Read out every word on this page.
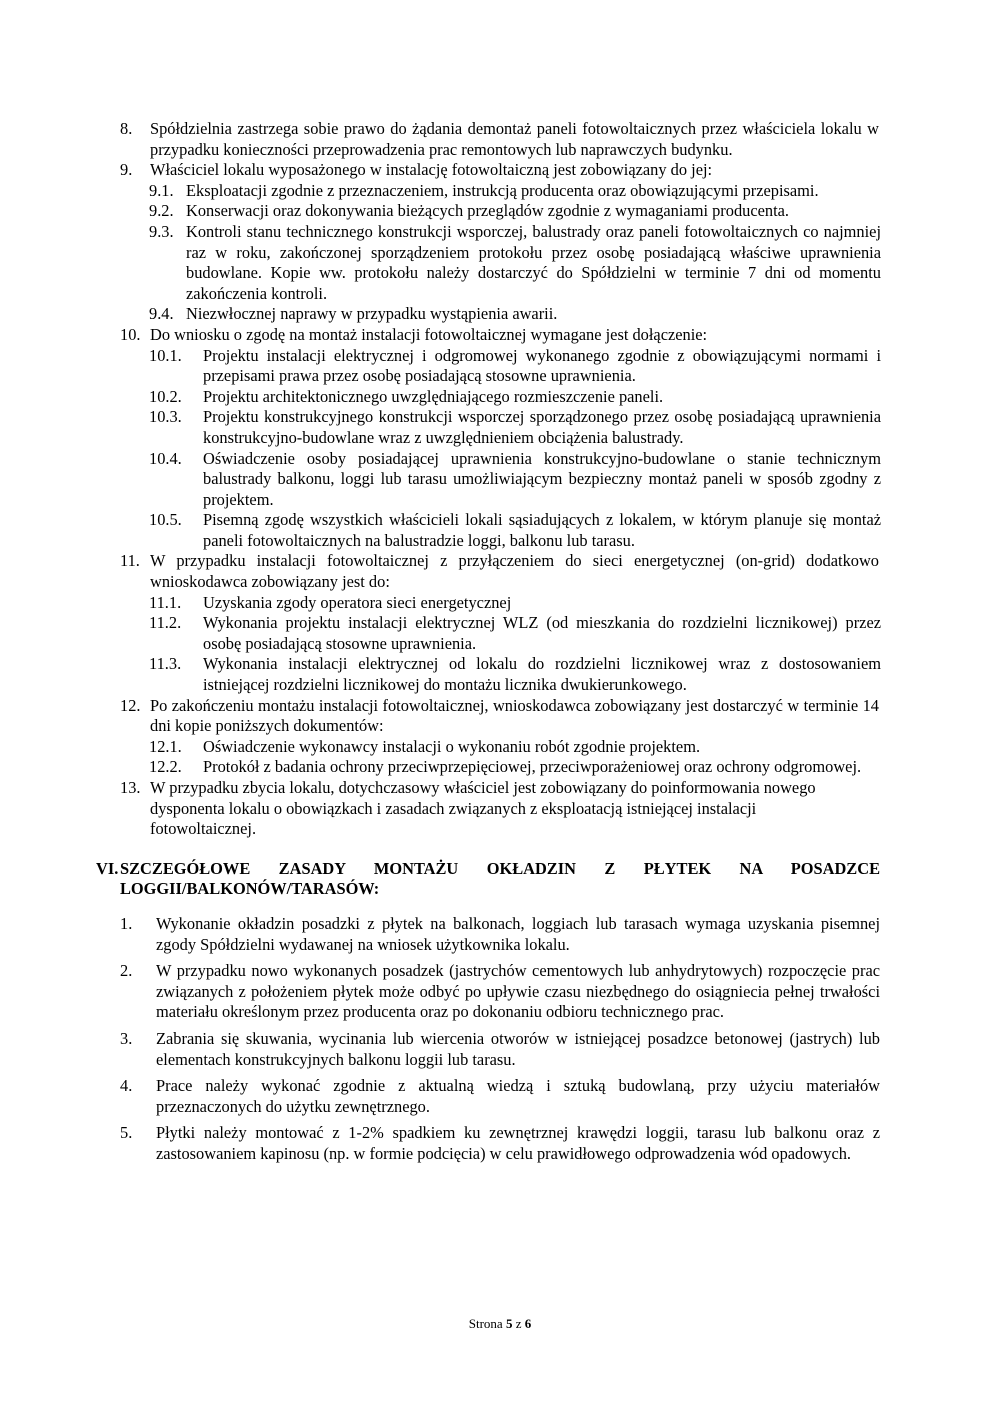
8. Spółdzielnia zastrzega sobie prawo do żądania demontaż paneli fotowoltaicznych przez właściciela lokalu w przypadku konieczności przeprowadzenia prac remontowych lub naprawczych budynku.
9. Właściciel lokalu wyposażonego w instalację fotowoltaiczną jest zobowiązany do jej:
9.1. Eksploatacji zgodnie z przeznaczeniem, instrukcją producenta oraz obowiązującymi przepisami.
9.2. Konserwacji oraz dokonywania bieżących przeglądów zgodnie z wymaganiami producenta.
9.3. Kontroli stanu technicznego konstrukcji wsporczej, balustrady oraz paneli fotowoltaicznych co najmniej raz w roku, zakończonej sporządzeniem protokołu przez osobę posiadającą właściwe uprawnienia budowlane. Kopie ww. protokołu należy dostarczyć do Spółdzielni w terminie 7 dni od momentu zakończenia kontroli.
9.4. Niezwłocznej naprawy w przypadku wystąpienia awarii.
10. Do wniosku o zgodę na montaż instalacji fotowoltaicznej wymagane jest dołączenie:
10.1. Projektu instalacji elektrycznej i odgromowej wykonanego zgodnie z obowiązującymi normami i przepisami prawa przez osobę posiadającą stosowne uprawnienia.
10.2. Projektu architektonicznego uwzględniającego rozmieszczenie paneli.
10.3. Projektu konstrukcyjnego konstrukcji wsporczej sporządzonego przez osobę posiadającą uprawnienia konstrukcyjno-budowlane wraz z uwzględnieniem obciążenia balustrady.
10.4. Oświadczenie osoby posiadającej uprawnienia konstrukcyjno-budowlane o stanie technicznym balustrady balkonu, loggi lub tarasu umożliwiającym bezpieczny montaż paneli w sposób zgodny z projektem.
10.5. Pisemną zgodę wszystkich właścicieli lokali sąsiadujących z lokalem, w którym planuje się montaż paneli fotowoltaicznych na balustradzie loggi, balkonu lub tarasu.
11. W przypadku instalacji fotowoltaicznej z przyłączeniem do sieci energetycznej (on-grid) dodatkowo wnioskodawca zobowiązany jest do:
11.1. Uzyskania zgody operatora sieci energetycznej
11.2. Wykonania projektu instalacji elektrycznej WLZ (od mieszkania do rozdzielni licznikowej) przez osobę posiadającą stosowne uprawnienia.
11.3. Wykonania instalacji elektrycznej od lokalu do rozdzielni licznikowej wraz z dostosowaniem istniejącej rozdzielni licznikowej do montażu licznika dwukierunkowego.
12. Po zakończeniu montażu instalacji fotowoltaicznej, wnioskodawca zobowiązany jest dostarczyć w terminie 14 dni kopie poniższych dokumentów:
12.1. Oświadczenie wykonawcy instalacji o wykonaniu robót zgodnie projektem.
12.2. Protokół z badania ochrony przeciwprzepięciowej, przeciwporażeniowej oraz ochrony odgromowej.
13. W przypadku zbycia lokalu, dotychczasowy właściciel jest zobowiązany do poinformowania nowego dysponenta lokalu o obowiązkach i zasadach związanych z eksploatacją istniejącej instalacji fotowoltaicznej.
VI. SZCZEGÓŁOWE ZASADY MONTAŻU OKŁADZIN Z PŁYTEK NA POSADZCE LOGGII/BALKONÓW/TARASÓW:
1. Wykonanie okładzin posadzki z płytek na balkonach, loggiach lub tarasach wymaga uzyskania pisemnej zgody Spółdzielni wydawanej na wniosek użytkownika lokalu.
2. W przypadku nowo wykonanych posadzek (jastrychów cementowych lub anhydrytowych) rozpoczęcie prac związanych z położeniem płytek może odbyć po upływie czasu niezbędnego do osiągniecia pełnej trwałości materiału określonym przez producenta oraz po dokonaniu odbioru technicznego prac.
3. Zabrania się skuwania, wycinania lub wiercenia otworów w istniejącej posadzce betonowej (jastrych) lub elementach konstrukcyjnych balkonu loggii lub tarasu.
4. Prace należy wykonać zgodnie z aktualną wiedzą i sztuką budowlaną, przy użyciu materiałów przeznaczonych do użytku zewnętrznego.
5. Płytki należy montować z 1-2% spadkiem ku zewnętrznej krawędzi loggii, tarasu lub balkonu oraz z zastosowaniem kapinosu (np. w formie podcięcia) w celu prawidłowego odprowadzenia wód opadowych.
Strona 5 z 6
